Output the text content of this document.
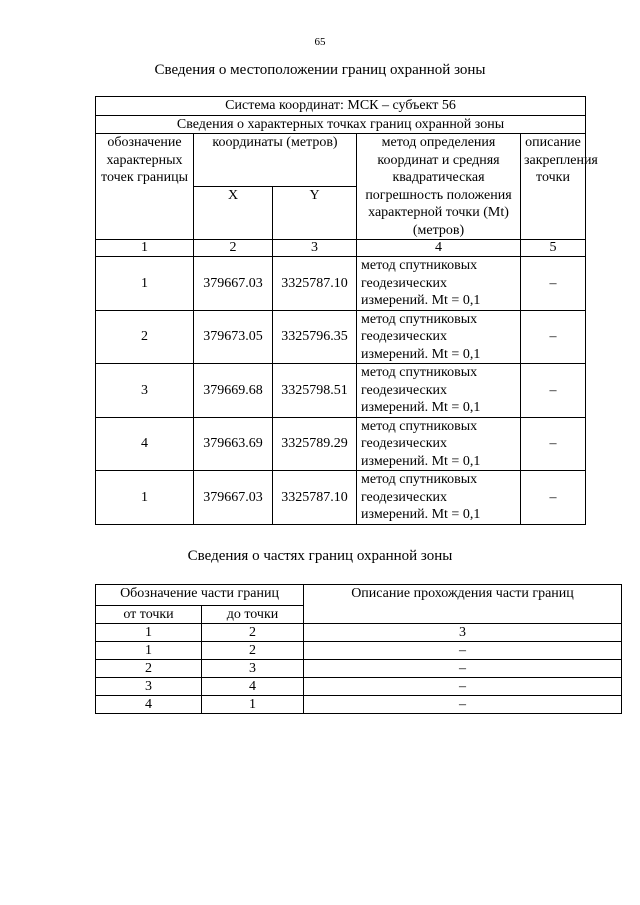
65
Сведения о местоположении границ охранной зоны
Система координат: МСК – субъект 56				
Сведения о характерных точках границ охранной зоны				
обозначение характерных точек границы	координаты (метров)		метод определения координат и средняя квадратическая погрешность положения характерной точки (Mt) (метров)	описание закрепления точки
	X	Y		
1	2	3	4	5
1	379667.03	3325787.10	метод спутниковых геодезических измерений. Mt = 0,1	–
2	379673.05	3325796.35	метод спутниковых геодезических измерений. Mt = 0,1	–
3	379669.68	3325798.51	метод спутниковых геодезических измерений. Mt = 0,1	–
4	379663.69	3325789.29	метод спутниковых геодезических измерений. Mt = 0,1	–
1	379667.03	3325787.10	метод спутниковых геодезических измерений. Mt = 0,1	–
Сведения о частях границ охранной зоны
Обозначение части границ		Описание прохождения части границ
от точки	до точки	
1	2	3
1	2	–
2	3	–
3	4	–
4	1	–
